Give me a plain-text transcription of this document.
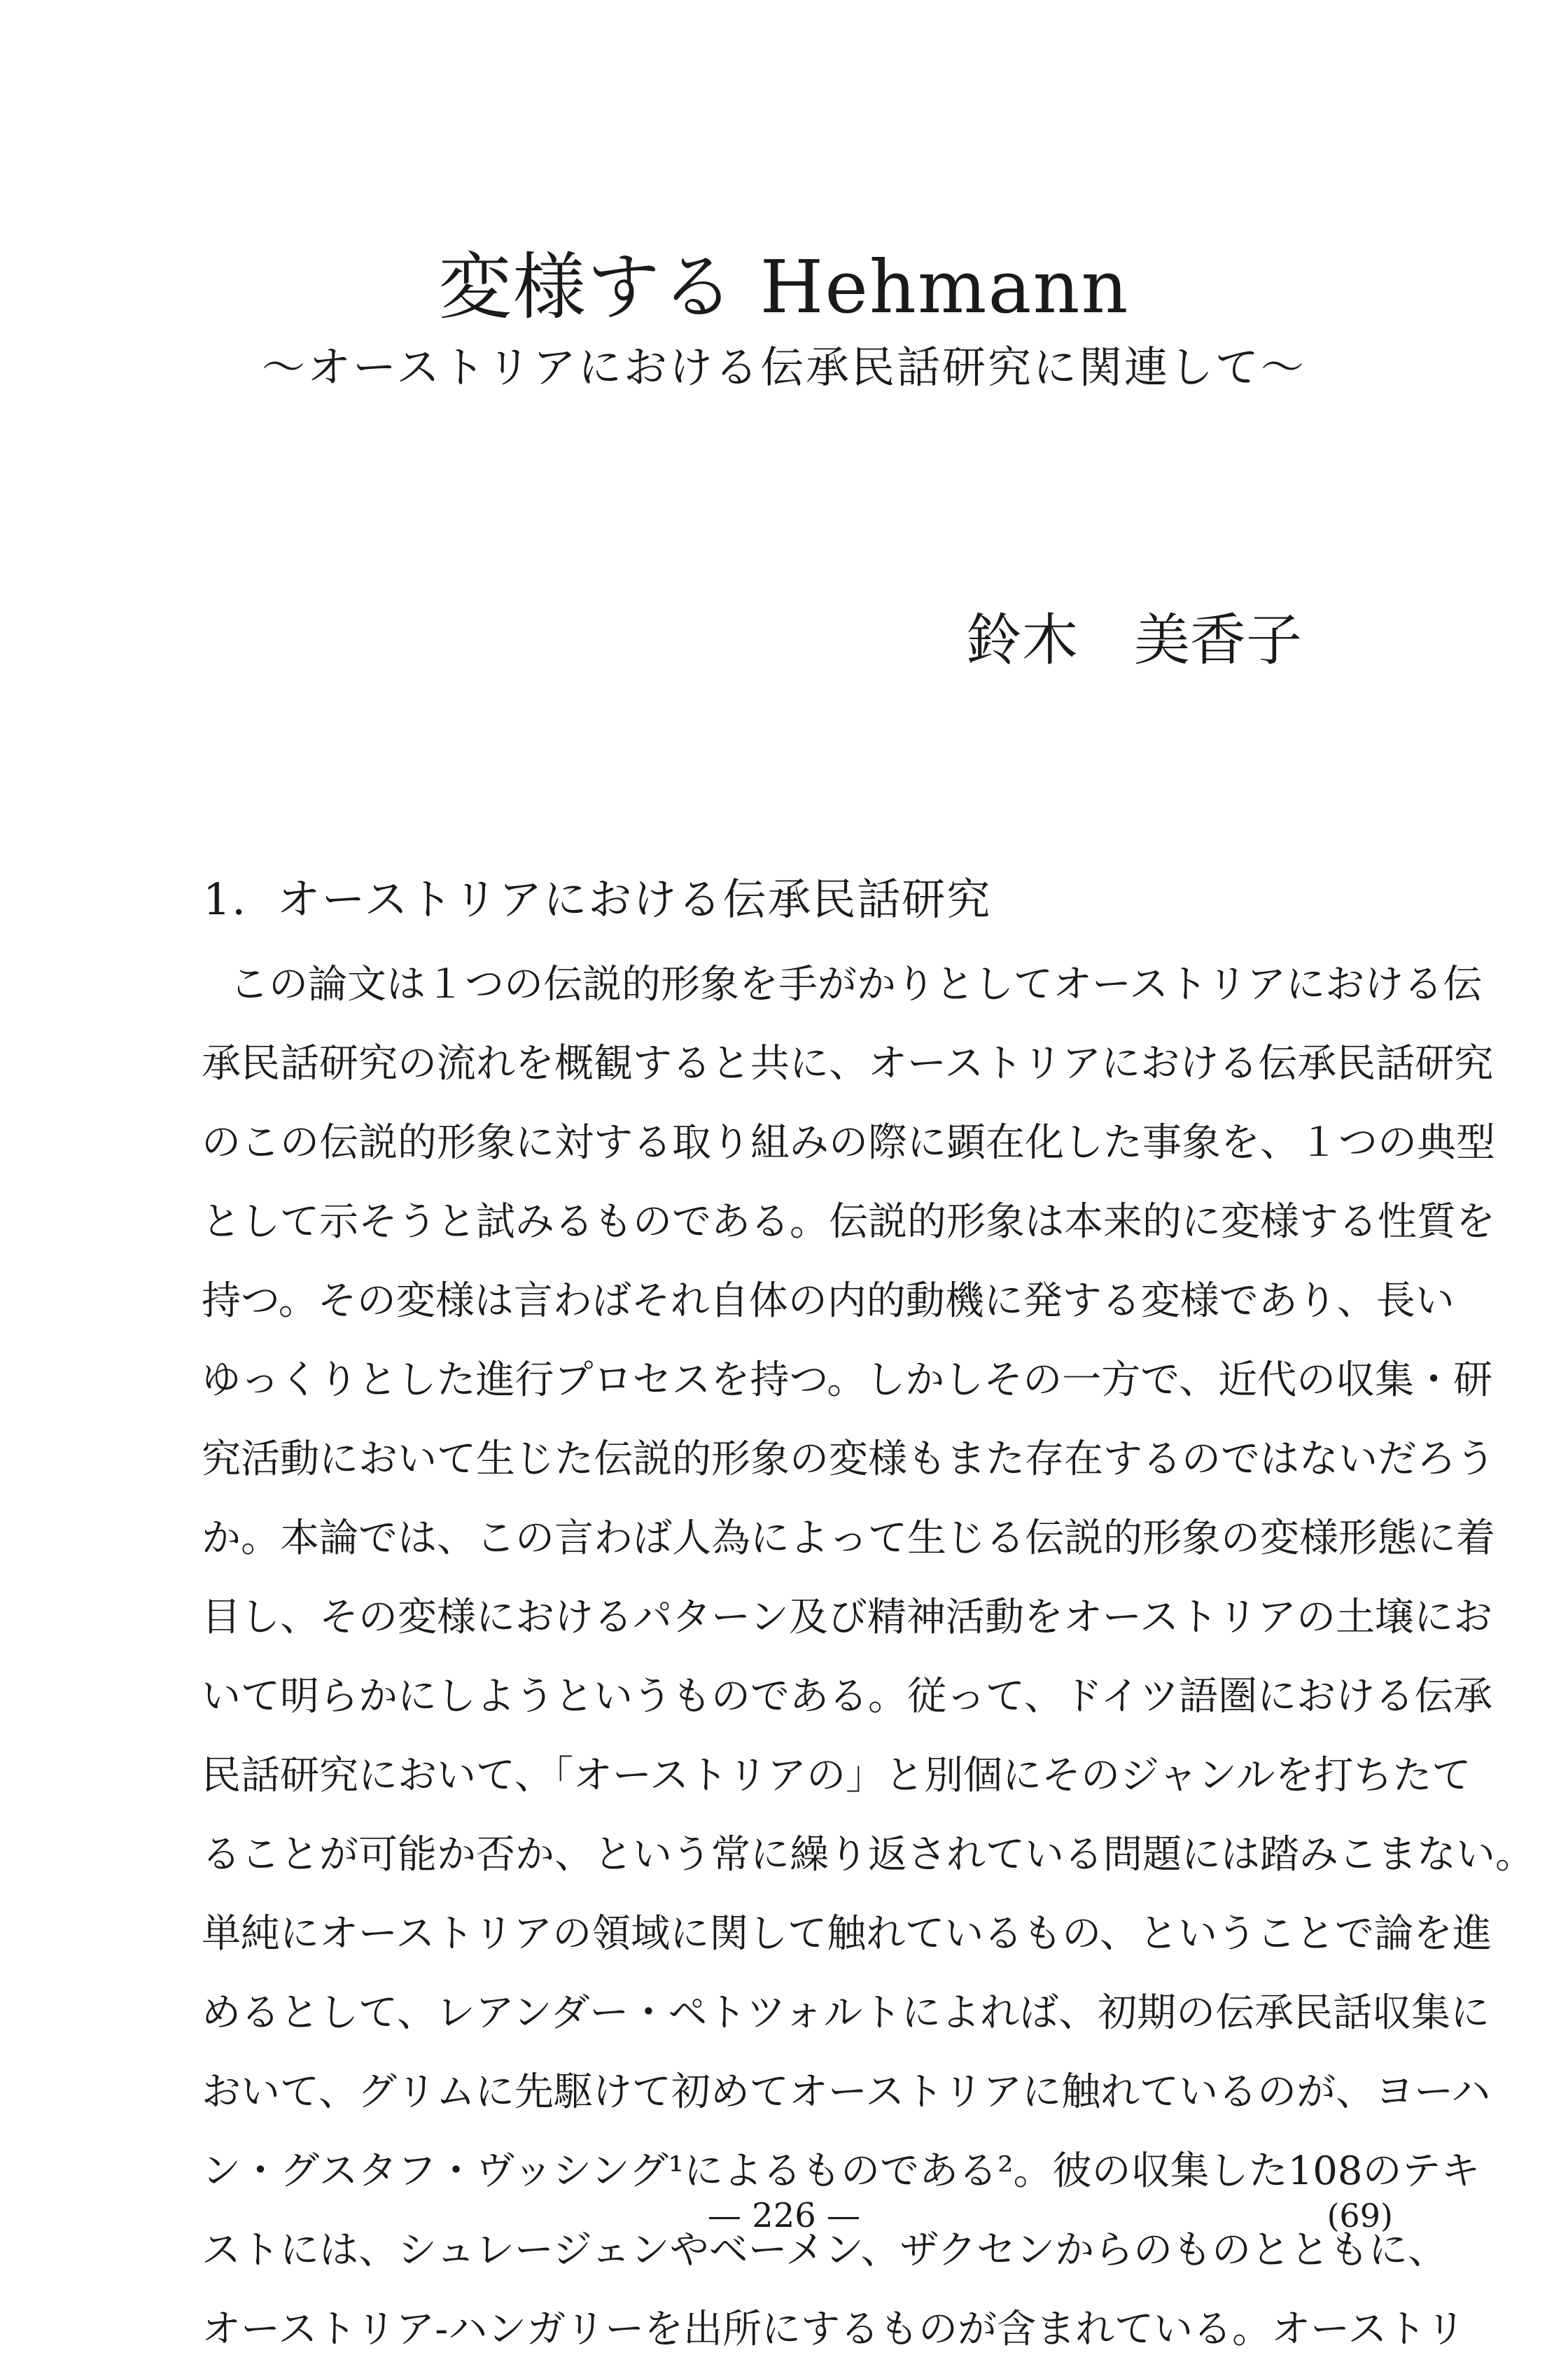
変様する Hehmann
〜オーストリアにおける伝承民話研究に関連して〜
鈴木　美香子
1．オーストリアにおける伝承民話研究
この論文は１つの伝説的形象を手がかりとしてオーストリアにおける伝
承民話研究の流れを概観すると共に、オーストリアにおける伝承民話研究
のこの伝説的形象に対する取り組みの際に顕在化した事象を、１つの典型
として示そうと試みるものである。伝説的形象は本来的に変様する性質を
持つ。その変様は言わばそれ自体の内的動機に発する変様であり、長い
ゆっくりとした進行プロセスを持つ。しかしその一方で、近代の収集・研
究活動において生じた伝説的形象の変様もまた存在するのではないだろう
か。本論では、この言わば人為によって生じる伝説的形象の変様形態に着
目し、その変様におけるパターン及び精神活動をオーストリアの土壌にお
いて明らかにしようというものである。従って、ドイツ語圏における伝承
民話研究において、「オーストリアの」と別個にそのジャンルを打ちたて
ることが可能か否か、という常に繰り返されている問題には踏みこまない。
単純にオーストリアの領域に関して触れているもの、ということで論を進
めるとして、レアンダー・ペトツォルトによれば、初期の伝承民話収集に
おいて、グリムに先駆けて初めてオーストリアに触れているのが、ヨーハ
ン・グスタフ・ヴッシング¹によるものである²。彼の収集した108のテキ
ストには、シュレージェンやベーメン、ザクセンからのものとともに、
オーストリア-ハンガリーを出所にするものが含まれている。オーストリ
— 226 —	(69)
